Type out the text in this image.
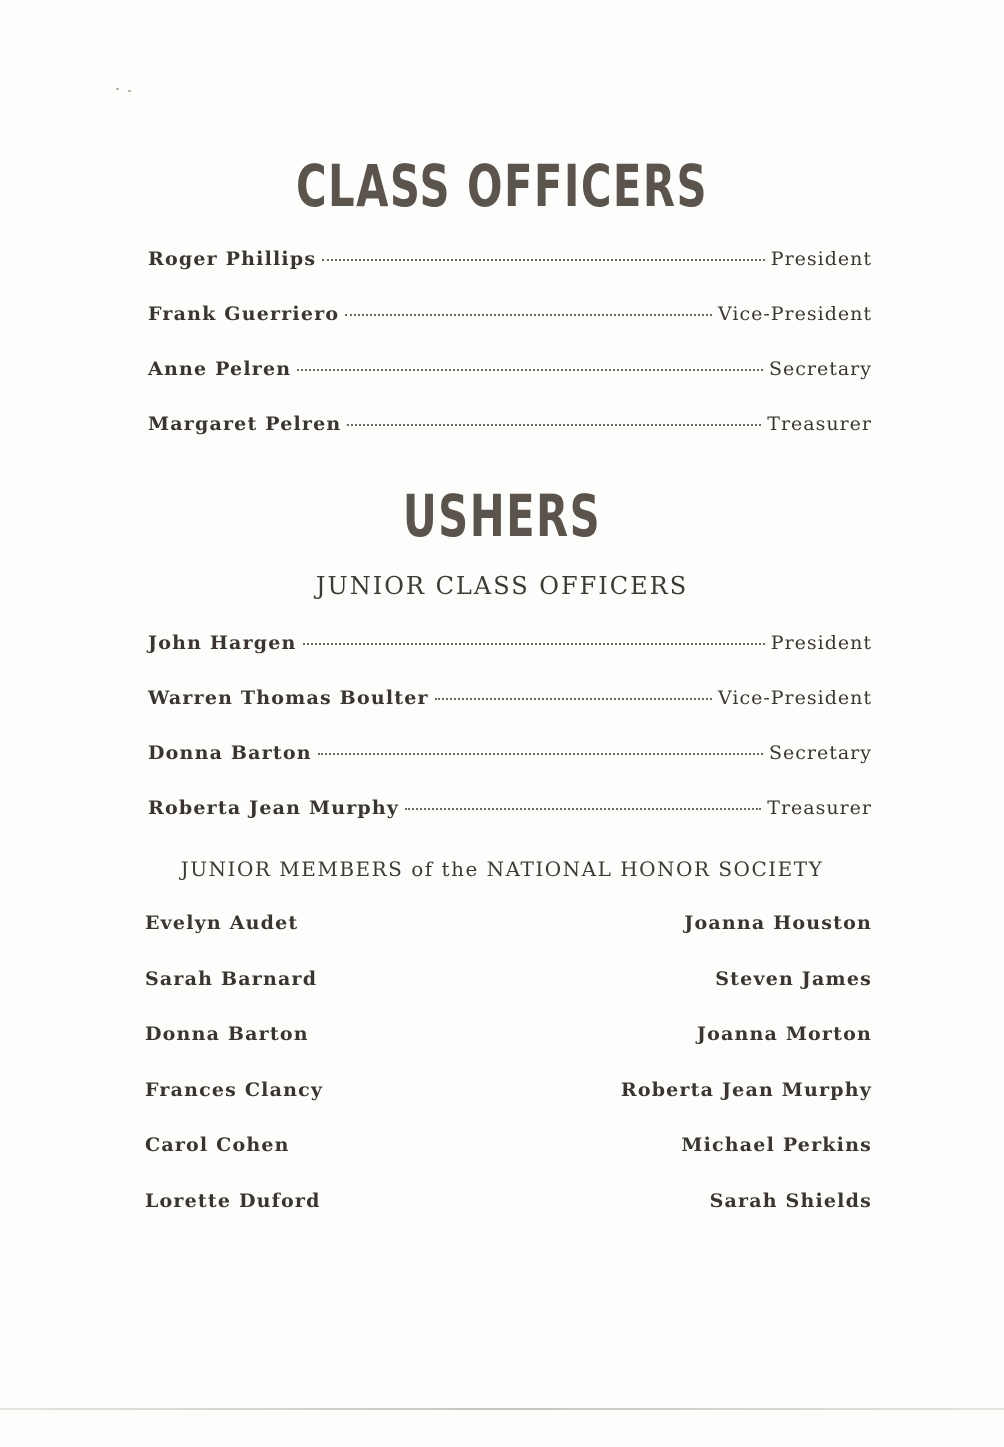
CLASS OFFICERS
Roger Phillips	President
Frank Guerriero	Vice-President
Anne Pelren	Secretary
Margaret Pelren	Treasurer
USHERS
JUNIOR CLASS OFFICERS
John Hargen	President
Warren Thomas Boulter	Vice-President
Donna Barton	Secretary
Roberta Jean Murphy	Treasurer
JUNIOR MEMBERS of the NATIONAL HONOR SOCIETY
Evelyn Audet	Joanna Houston
Sarah Barnard	Steven James
Donna Barton	Joanna Morton
Frances Clancy	Roberta Jean Murphy
Carol Cohen	Michael Perkins
Lorette Duford	Sarah Shields
